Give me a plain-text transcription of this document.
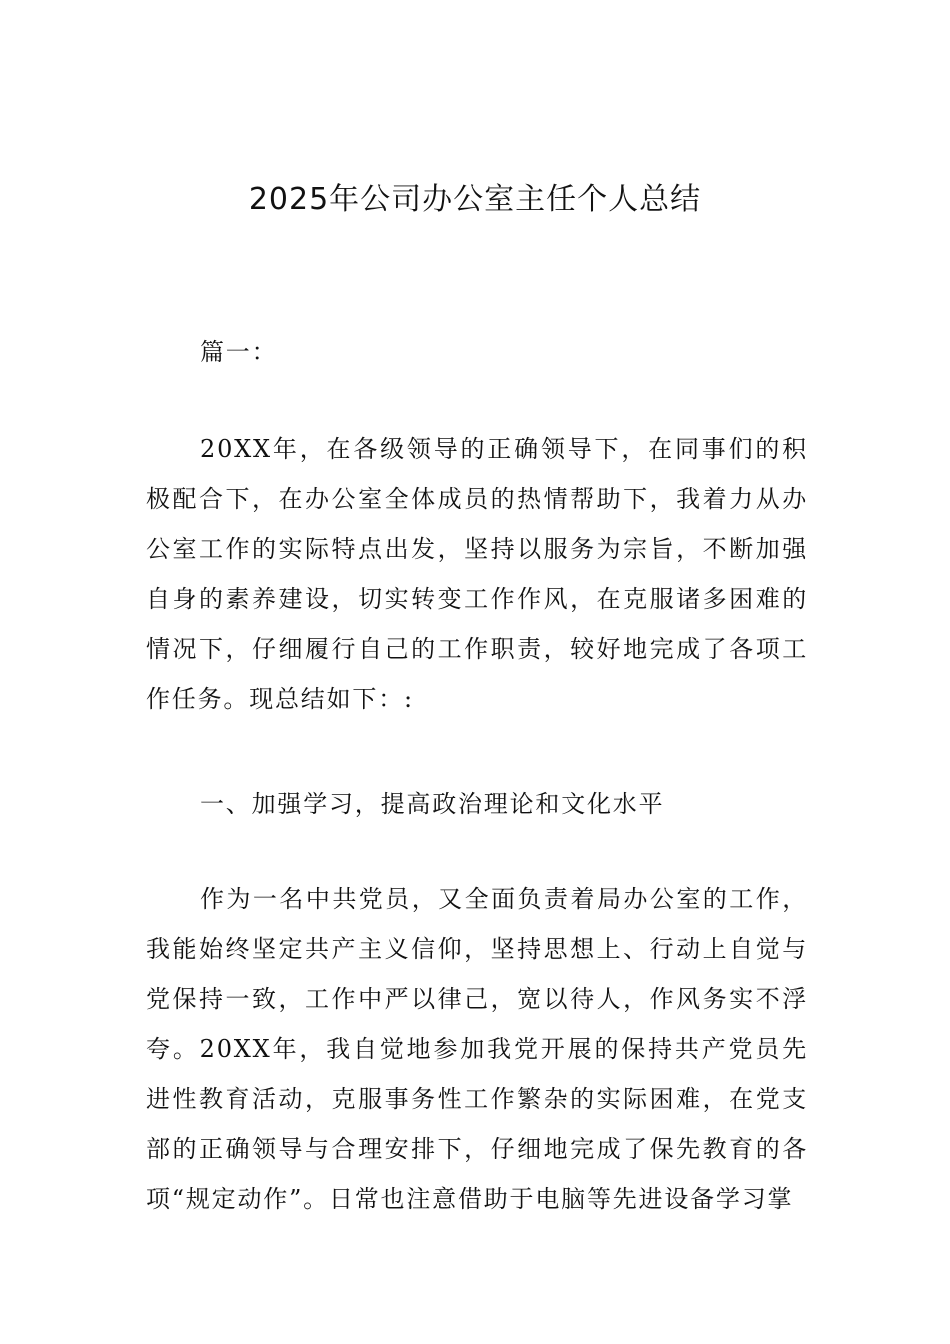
2025年公司办公室主任个人总结

篇一：

20XX年，在各级领导的正确领导下，在同事们的积极配合下，在办公室全体成员的热情帮助下，我着力从办公室工作的实际特点出发，坚持以服务为宗旨，不断加强自身的素养建设，切实转变工作作风，在克服诸多困难的情况下，仔细履行自己的工作职责，较好地完成了各项工作任务。现总结如下：:

一、加强学习，提高政治理论和文化水平

作为一名中共党员，又全面负责着局办公室的工作，我能始终坚定共产主义信仰，坚持思想上、行动上自觉与党保持一致，工作中严以律己，宽以待人，作风务实不浮夸。20XX年，我自觉地参加我党开展的保持共产党员先进性教育活动，克服事务性工作繁杂的实际困难，在党支部的正确领导与合理安排下，仔细地完成了保先教育的各项“规定动作”。日常也注意借助于电脑等先进设备学习掌
